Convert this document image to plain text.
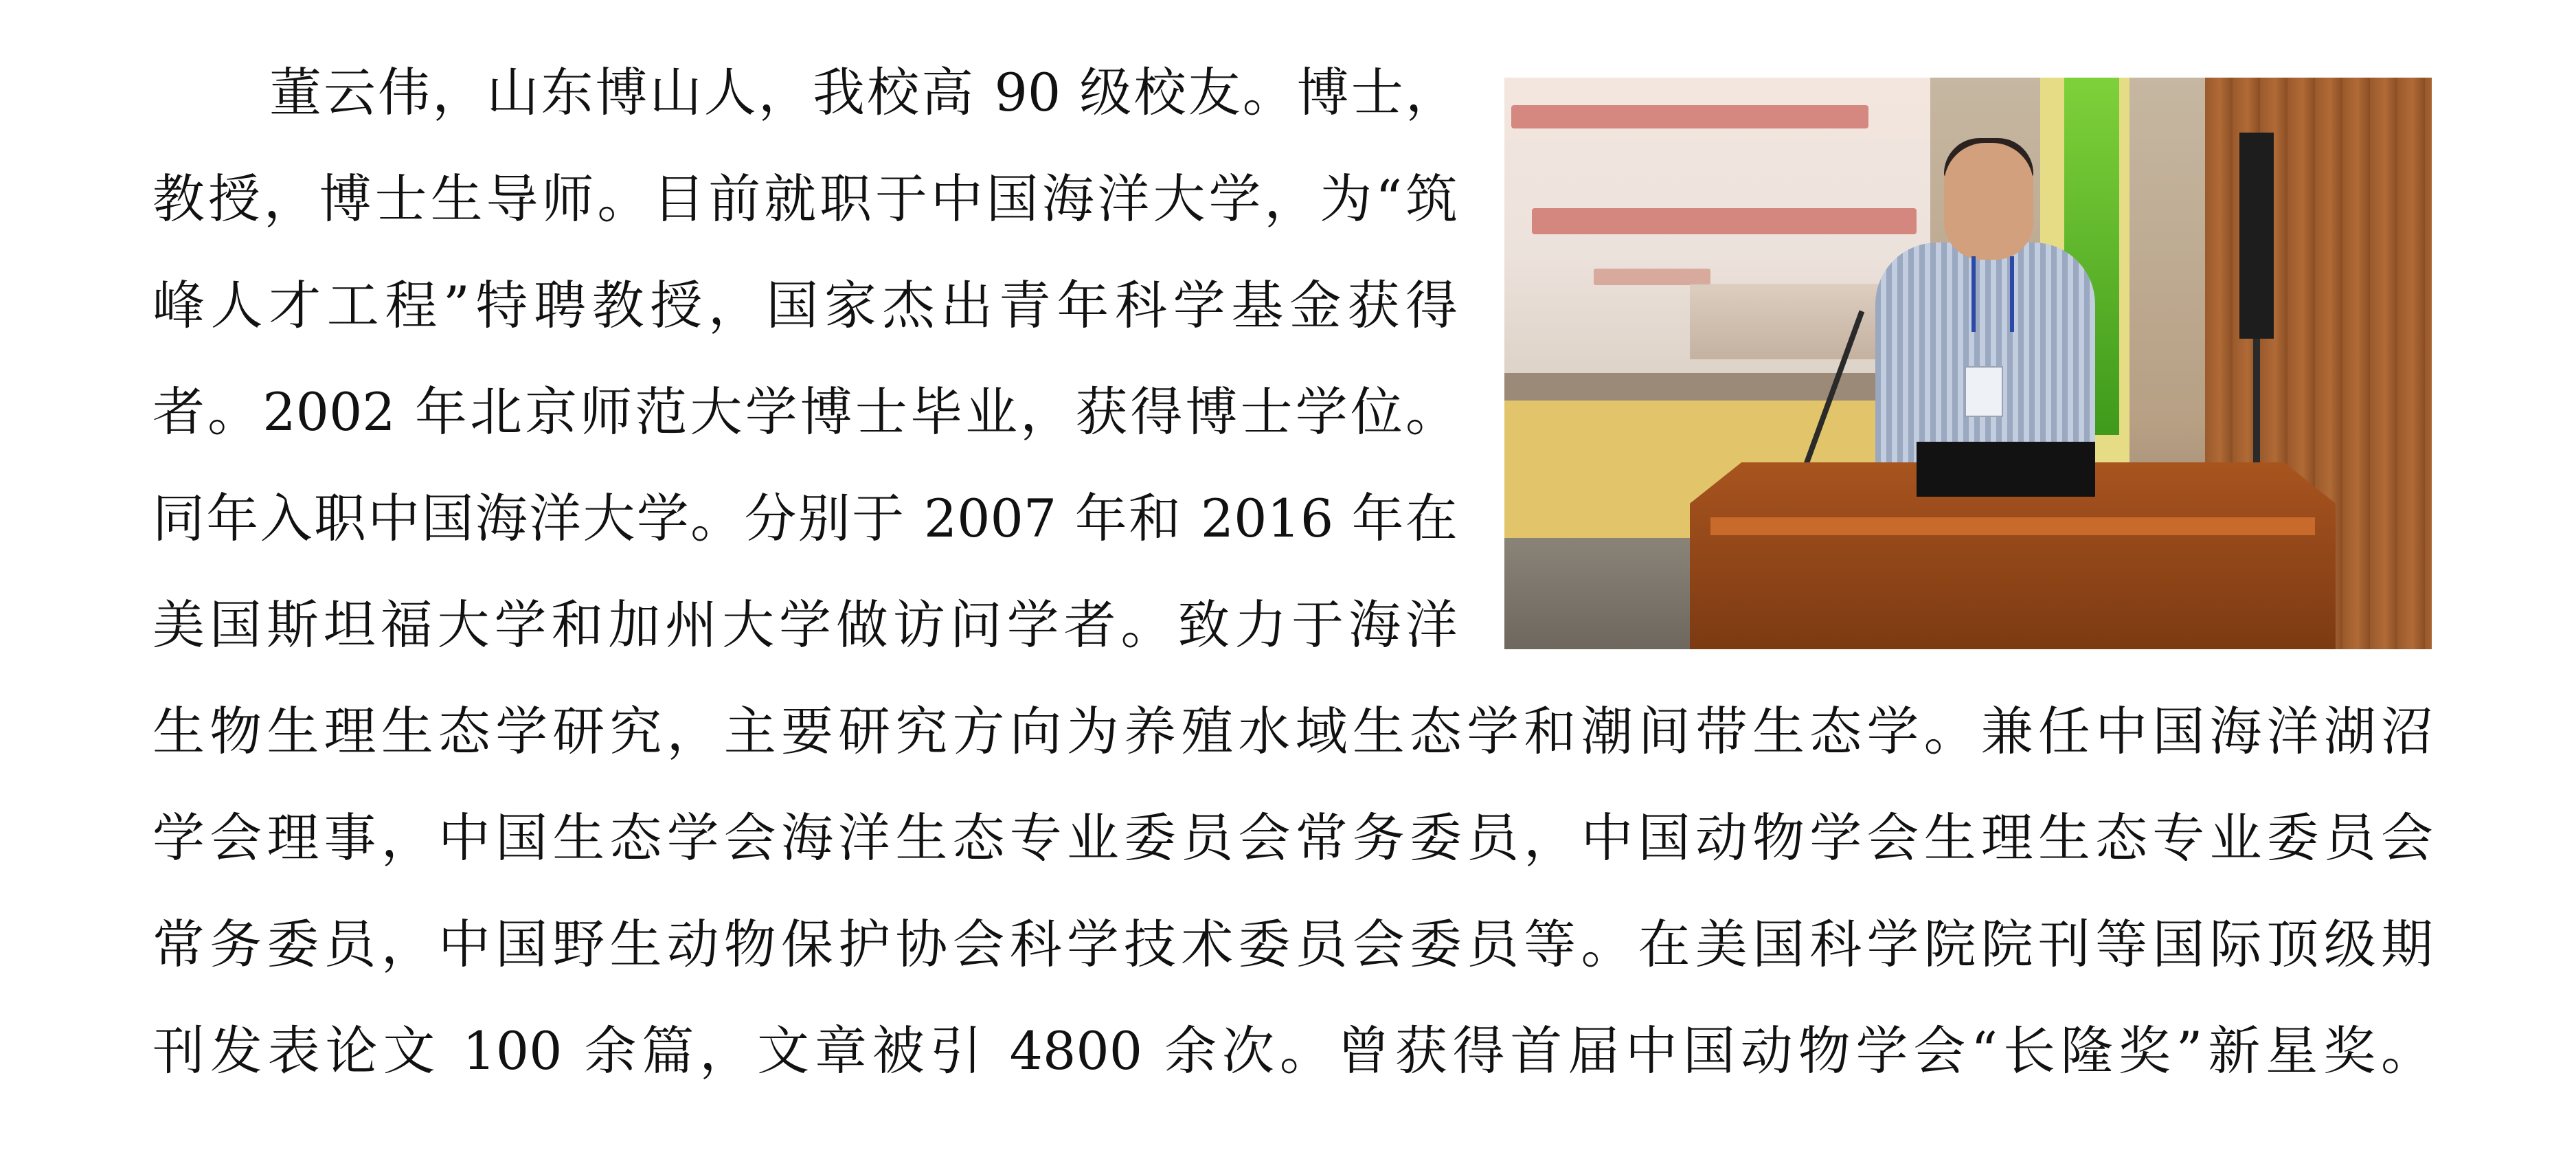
董云伟，山东博山人，我校高 90 级校友。博士，
教授，博士生导师。目前就职于中国海洋大学，为“筑
峰人才工程”特聘教授，国家杰出青年科学基金获得
者。2002 年北京师范大学博士毕业，获得博士学位。
同年入职中国海洋大学。分别于 2007 年和 2016 年在
美国斯坦福大学和加州大学做访问学者。致力于海洋
生物生理生态学研究，主要研究方向为养殖水域生态学和潮间带生态学。兼任中国海洋湖沼
学会理事，中国生态学会海洋生态专业委员会常务委员，中国动物学会生理生态专业委员会
常务委员，中国野生动物保护协会科学技术委员会委员等。在美国科学院院刊等国际顶级期
刊发表论文 100 余篇，文章被引 4800 余次。曾获得首届中国动物学会“长隆奖”新星奖。
